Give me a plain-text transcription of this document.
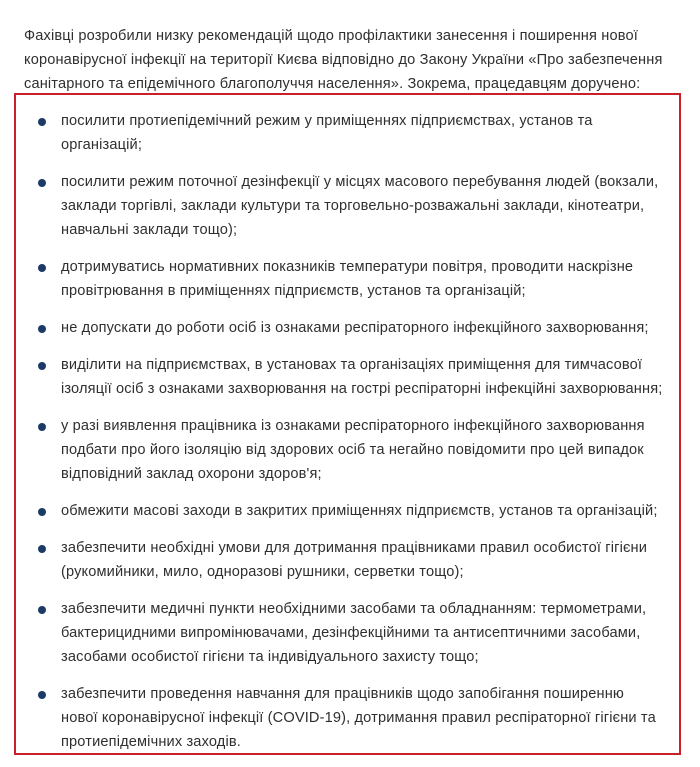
Фахівці розробили низку рекомендацій щодо профілактики занесення і поширення нової коронавірусної інфекції на території Києва відповідно до Закону України «Про забезпечення санітарного та епідемічного благополуччя населення». Зокрема, працедавцям доручено:

посилити протиепідемічний режим у приміщеннях підприємствах, установ та організацій;
посилити режим поточної дезінфекції у місцях масового перебування людей (вокзали, заклади торгівлі, заклади культури та торговельно-розважальні заклади, кінотеатри, навчальні заклади тощо);
дотримуватись нормативних показників температури повітря, проводити наскрізне провітрювання в приміщеннях підприємств, установ та організацій;
не допускати до роботи осіб із ознаками респіраторного інфекційного захворювання;
виділити на підприємствах, в установах та організаціях приміщення для тимчасової ізоляції осіб з ознаками захворювання на гострі респіраторні інфекційні захворювання;
у разі виявлення працівника із ознаками респіраторного інфекційного захворювання подбати про його ізоляцію від здорових осіб та негайно повідомити про цей випадок відповідний заклад охорони здоров'я;
обмежити масові заходи в закритих приміщеннях підприємств, установ та організацій;
забезпечити необхідні умови для дотримання працівниками правил особистої гігієни (рукомийники, мило, одноразові рушники, серветки тощо);
забезпечити медичні пункти необхідними засобами та обладнанням: термометрами, бактерицидними випромінювачами, дезінфекційними та антисептичними засобами, засобами особистої гігієни та індивідуального захисту тощо;
забезпечити проведення навчання для працівників щодо запобігання поширенню нової коронавірусної інфекції (COVID-19), дотримання правил респіраторної гігієни та протиепідемічних заходів.
